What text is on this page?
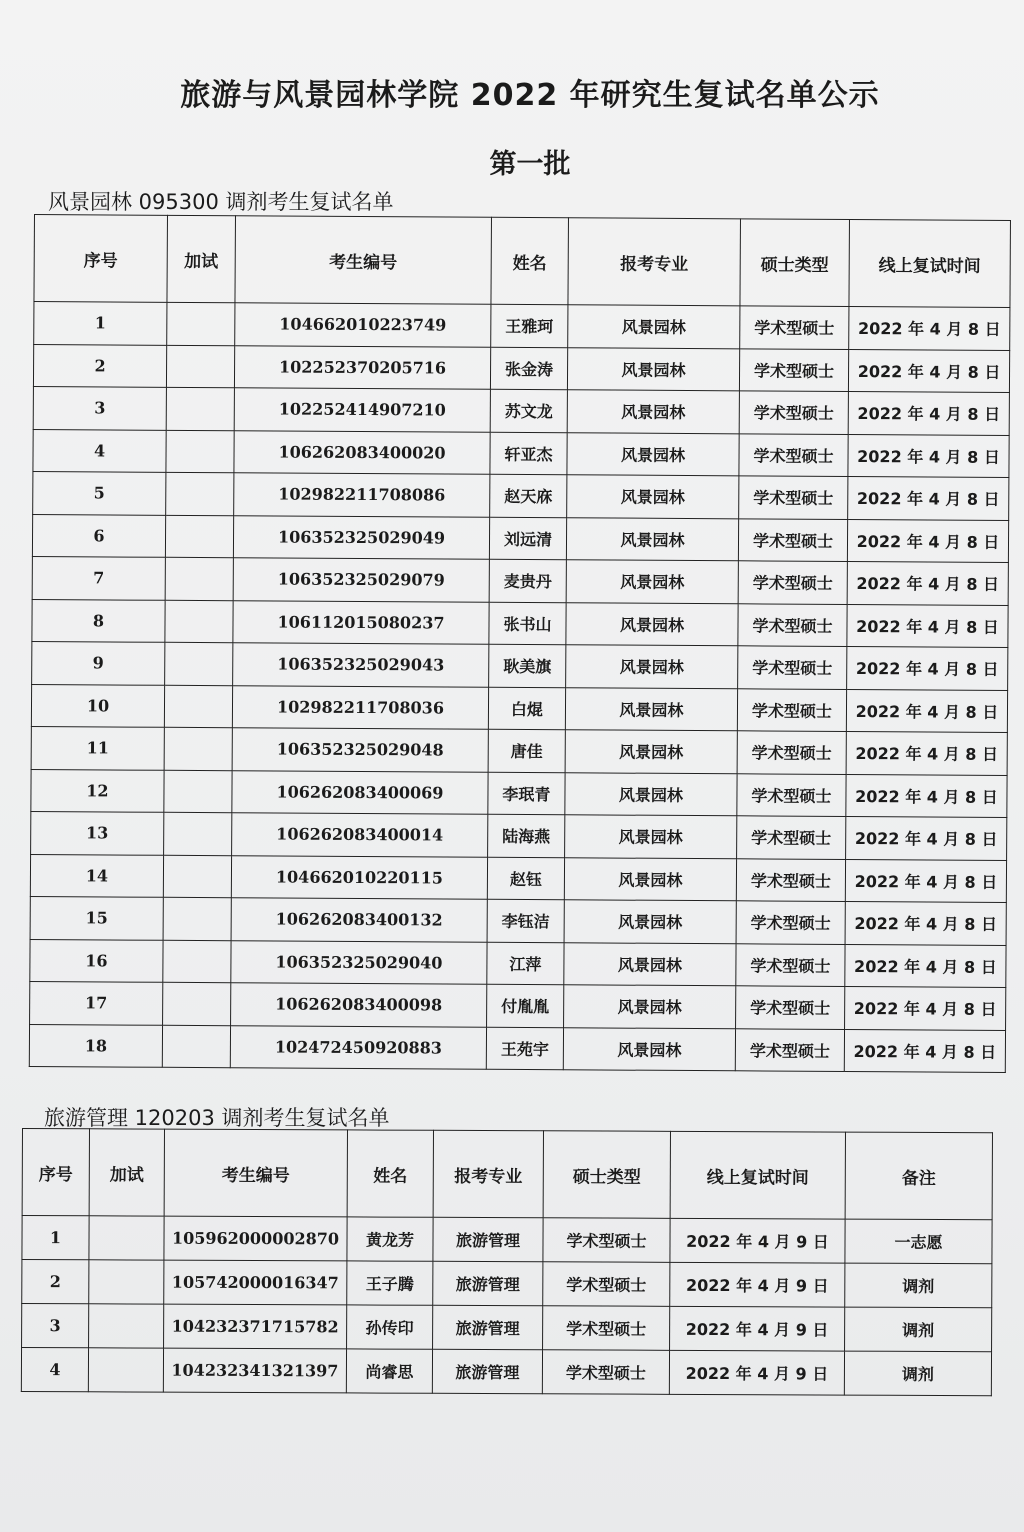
旅游与风景园林学院 2022 年研究生复试名单公示
第一批
风景园林 095300 调剂考生复试名单
序号	加试	考生编号	姓名	报考专业	硕士类型	线上复试时间
1		104662010223749	王雅珂	风景园林	学术型硕士	2022 年 4 月 8 日
2		102252370205716	张金涛	风景园林	学术型硕士	2022 年 4 月 8 日
3		102252414907210	苏文龙	风景园林	学术型硕士	2022 年 4 月 8 日
4		106262083400020	轩亚杰	风景园林	学术型硕士	2022 年 4 月 8 日
5		102982211708086	赵天庥	风景园林	学术型硕士	2022 年 4 月 8 日
6		106352325029049	刘远清	风景园林	学术型硕士	2022 年 4 月 8 日
7		106352325029079	麦贵丹	风景园林	学术型硕士	2022 年 4 月 8 日
8		106112015080237	张书山	风景园林	学术型硕士	2022 年 4 月 8 日
9		106352325029043	耿美旗	风景园林	学术型硕士	2022 年 4 月 8 日
10		102982211708036	白焜	风景园林	学术型硕士	2022 年 4 月 8 日
11		106352325029048	唐佳	风景园林	学术型硕士	2022 年 4 月 8 日
12		106262083400069	李珉青	风景园林	学术型硕士	2022 年 4 月 8 日
13		106262083400014	陆海燕	风景园林	学术型硕士	2022 年 4 月 8 日
14		104662010220115	赵钰	风景园林	学术型硕士	2022 年 4 月 8 日
15		106262083400132	李钰洁	风景园林	学术型硕士	2022 年 4 月 8 日
16		106352325029040	江萍	风景园林	学术型硕士	2022 年 4 月 8 日
17		106262083400098	付胤胤	风景园林	学术型硕士	2022 年 4 月 8 日
18		102472450920883	王苑宇	风景园林	学术型硕士	2022 年 4 月 8 日
旅游管理 120203 调剂考生复试名单
序号	加试	考生编号	姓名	报考专业	硕士类型	线上复试时间	备注
1		105962000002870	黄龙芳	旅游管理	学术型硕士	2022 年 4 月 9 日	一志愿
2		105742000016347	王子腾	旅游管理	学术型硕士	2022 年 4 月 9 日	调剂
3		104232371715782	孙传印	旅游管理	学术型硕士	2022 年 4 月 9 日	调剂
4		104232341321397	尚睿思	旅游管理	学术型硕士	2022 年 4 月 9 日	调剂
